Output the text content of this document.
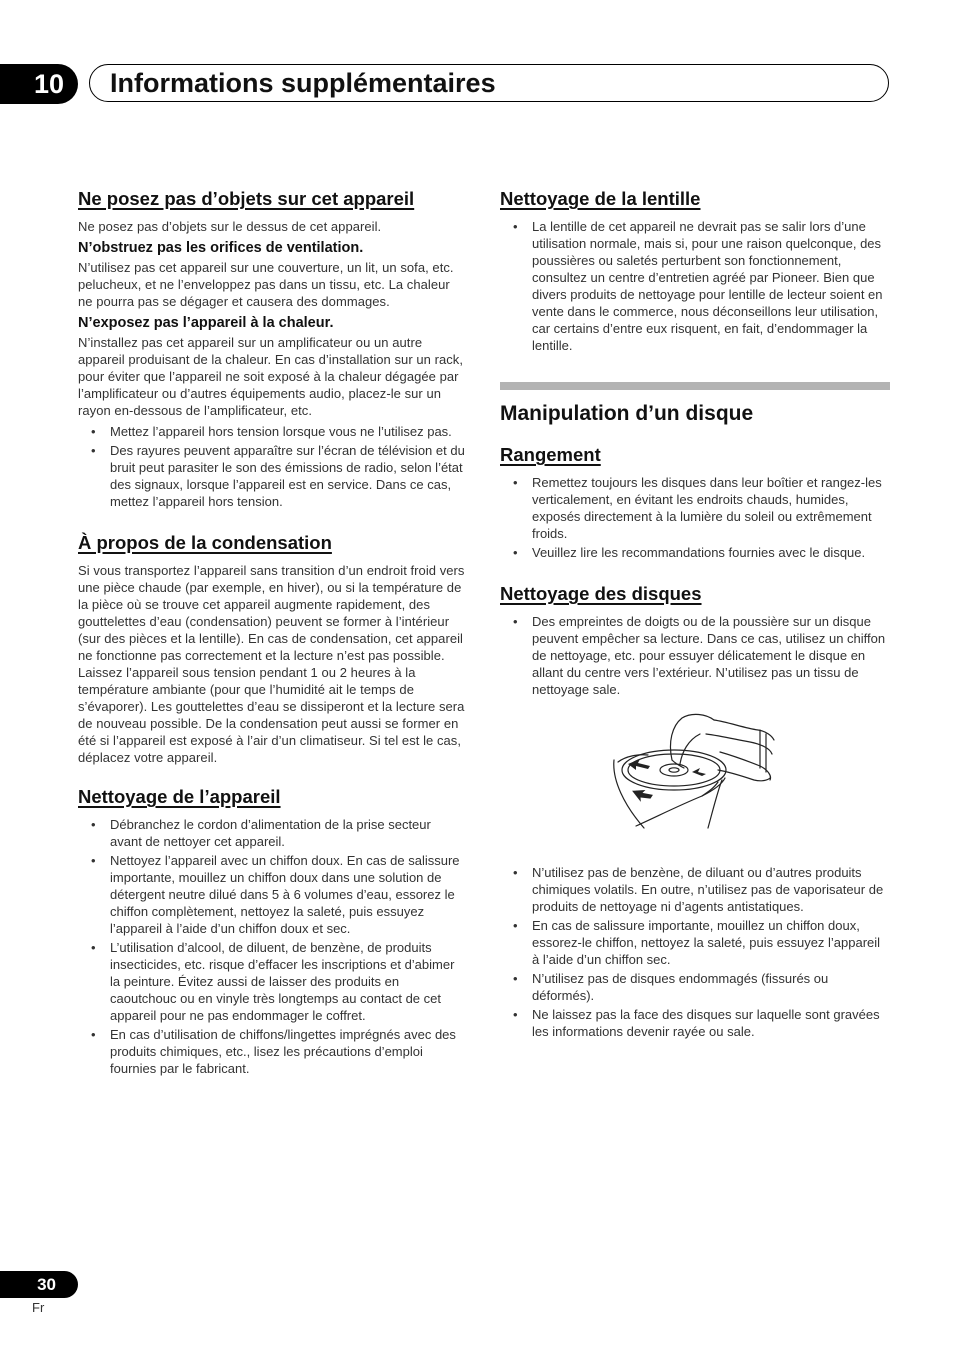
10	Informations supplémentaires
Ne posez pas d’objets sur cet appareil

Ne posez pas d’objets sur le dessus de cet appareil.

N’obstruez pas les orifices de ventilation.

N’utilisez pas cet appareil sur une couverture, un lit, un sofa, etc. pelucheux, et ne l’enveloppez pas dans un tissu, etc. La chaleur ne pourra pas se dégager et causera des dommages.

N’exposez pas l’appareil à la chaleur.

N’installez pas cet appareil sur un amplificateur ou un autre appareil produisant de la chaleur. En cas d’installation sur un rack, pour éviter que l’appareil ne soit exposé à la chaleur dégagée par l’amplificateur ou d’autres équipements audio, placez-le sur un rayon en-dessous de l’amplificateur, etc.

• Mettez l’appareil hors tension lorsque vous ne l’utilisez pas.
• Des rayures peuvent apparaître sur l’écran de télévision et du bruit peut parasiter le son des émissions de radio, selon l’état des signaux, lorsque l’appareil est en service. Dans ce cas, mettez l’appareil hors tension.
À propos de la condensation

Si vous transportez l’appareil sans transition d’un endroit froid vers une pièce chaude (par exemple, en hiver), ou si la température de la pièce où se trouve cet appareil augmente rapidement, des gouttelettes d’eau (condensation) peuvent se former à l’intérieur (sur des pièces et la lentille). En cas de condensation, cet appareil ne fonctionne pas correctement et la lecture n’est pas possible. Laissez l’appareil sous tension pendant 1 ou 2 heures à la température ambiante (pour que l’humidité ait le temps de s’évaporer). Les gouttelettes d’eau se dissiperont et la lecture sera de nouveau possible. De la condensation peut aussi se former en été si l’appareil est exposé à l’air d’un climatiseur. Si tel est le cas, déplacez votre appareil.

Nettoyage de l’appareil
• Débranchez le cordon d’alimentation de la prise secteur avant de nettoyer cet appareil.
• Nettoyez l’appareil avec un chiffon doux. En cas de salissure importante, mouillez un chiffon doux dans une solution de détergent neutre dilué dans 5 à 6 volumes d’eau, essorez le chiffon complètement, nettoyez la saleté, puis essuyez l’appareil à l’aide d’un chiffon doux et sec.
• L’utilisation d’alcool, de diluent, de benzène, de produits insecticides, etc. risque d’effacer les inscriptions et d’abimer la peinture. Évitez aussi de laisser des produits en caoutchouc ou en vinyle très longtemps au contact de cet appareil pour ne pas endommager le coffret.
• En cas d’utilisation de chiffons/lingettes imprégnés avec des produits chimiques, etc., lisez les précautions d’emploi fournies par le fabricant.
Nettoyage de la lentille
• La lentille de cet appareil ne devrait pas se salir lors d’une utilisation normale, mais si, pour une raison quelconque, des poussières ou saletés perturbent son fonctionnement, consultez un centre d’entretien agréé par Pioneer. Bien que divers produits de nettoyage pour lentille de lecteur soient en vente dans le commerce, nous déconseillons leur utilisation, car certains d’entre eux risquent, en fait, d’endommager la lentille.
Manipulation d’un disque
Rangement
• Remettez toujours les disques dans leur boîtier et rangez-les verticalement, en évitant les endroits chauds, humides, exposés directement à la lumière du soleil ou extrêmement froids.
• Veuillez lire les recommandations fournies avec le disque.
Nettoyage des disques
• Des empreintes de doigts ou de la poussière sur un disque peuvent empêcher sa lecture. Dans ce cas, utilisez un chiffon de nettoyage, etc. pour essuyer délicatement le disque en allant du centre vers l’extérieur. N’utilisez pas un tissu de nettoyage sale.
• N’utilisez pas de benzène, de diluant ou d’autres produits chimiques volatils. En outre, n’utilisez pas de vaporisateur de produits de nettoyage ni d’agents antistatiques.
• En cas de salissure importante, mouillez un chiffon doux, essorez-le chiffon, nettoyez la saleté, puis essuyez l’appareil à l’aide d’un chiffon sec.
• N’utilisez pas de disques endommagés (fissurés ou déformés).
• Ne laissez pas la face des disques sur laquelle sont gravées les informations devenir rayée ou sale.
30
Fr
